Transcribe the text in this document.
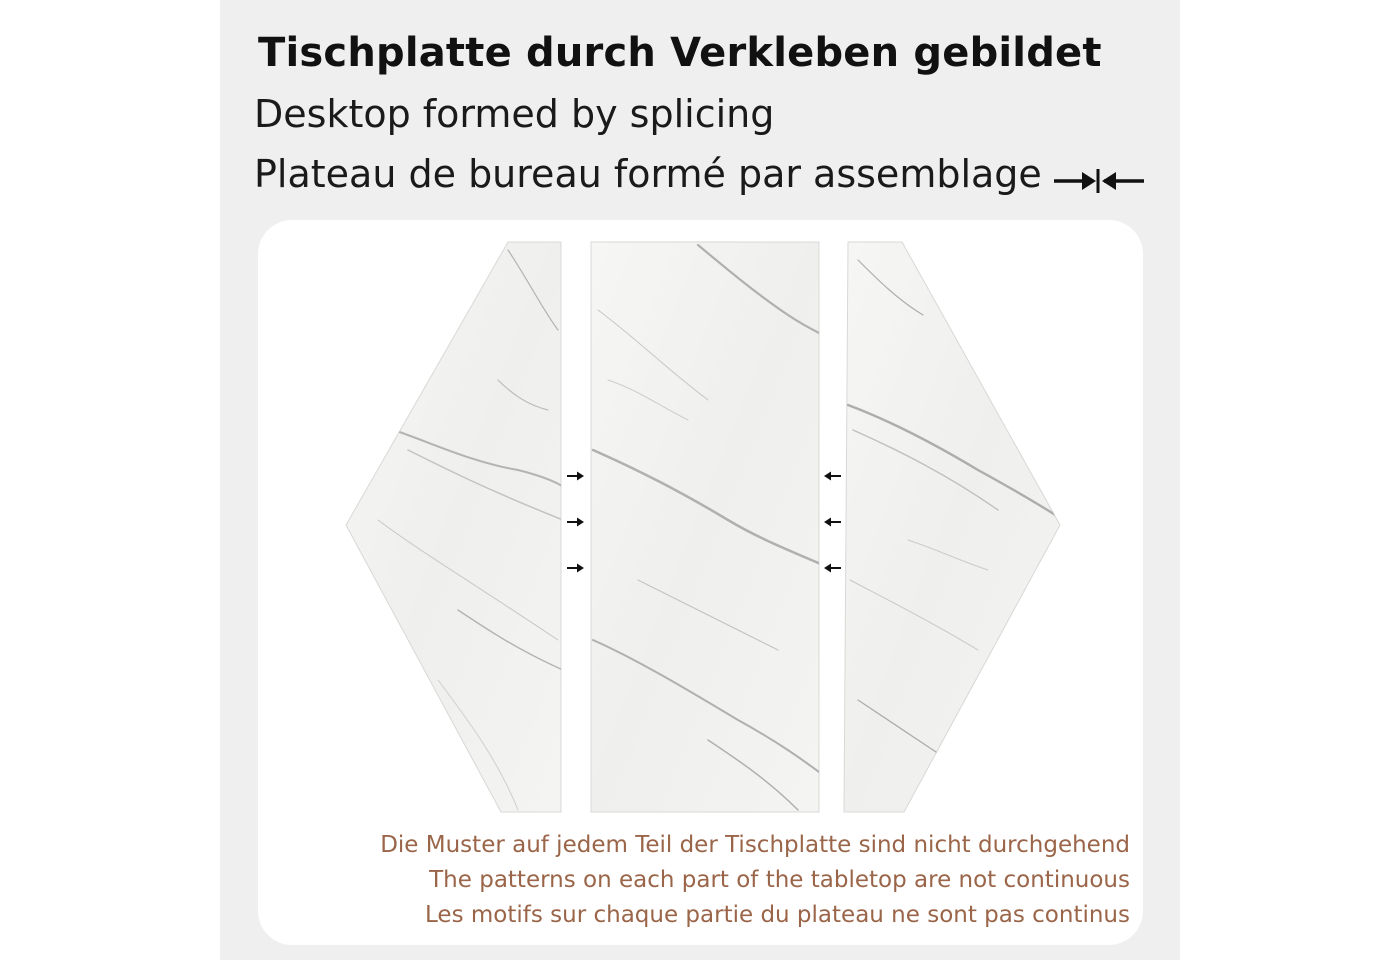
Tischplatte durch Verkleben gebildet
Desktop formed by splicing
Plateau de bureau formé par assemblage
Die Muster auf jedem Teil der Tischplatte sind nicht durchgehend
The patterns on each part of the tabletop are not continuous
Les motifs sur chaque partie du plateau ne sont pas continus
